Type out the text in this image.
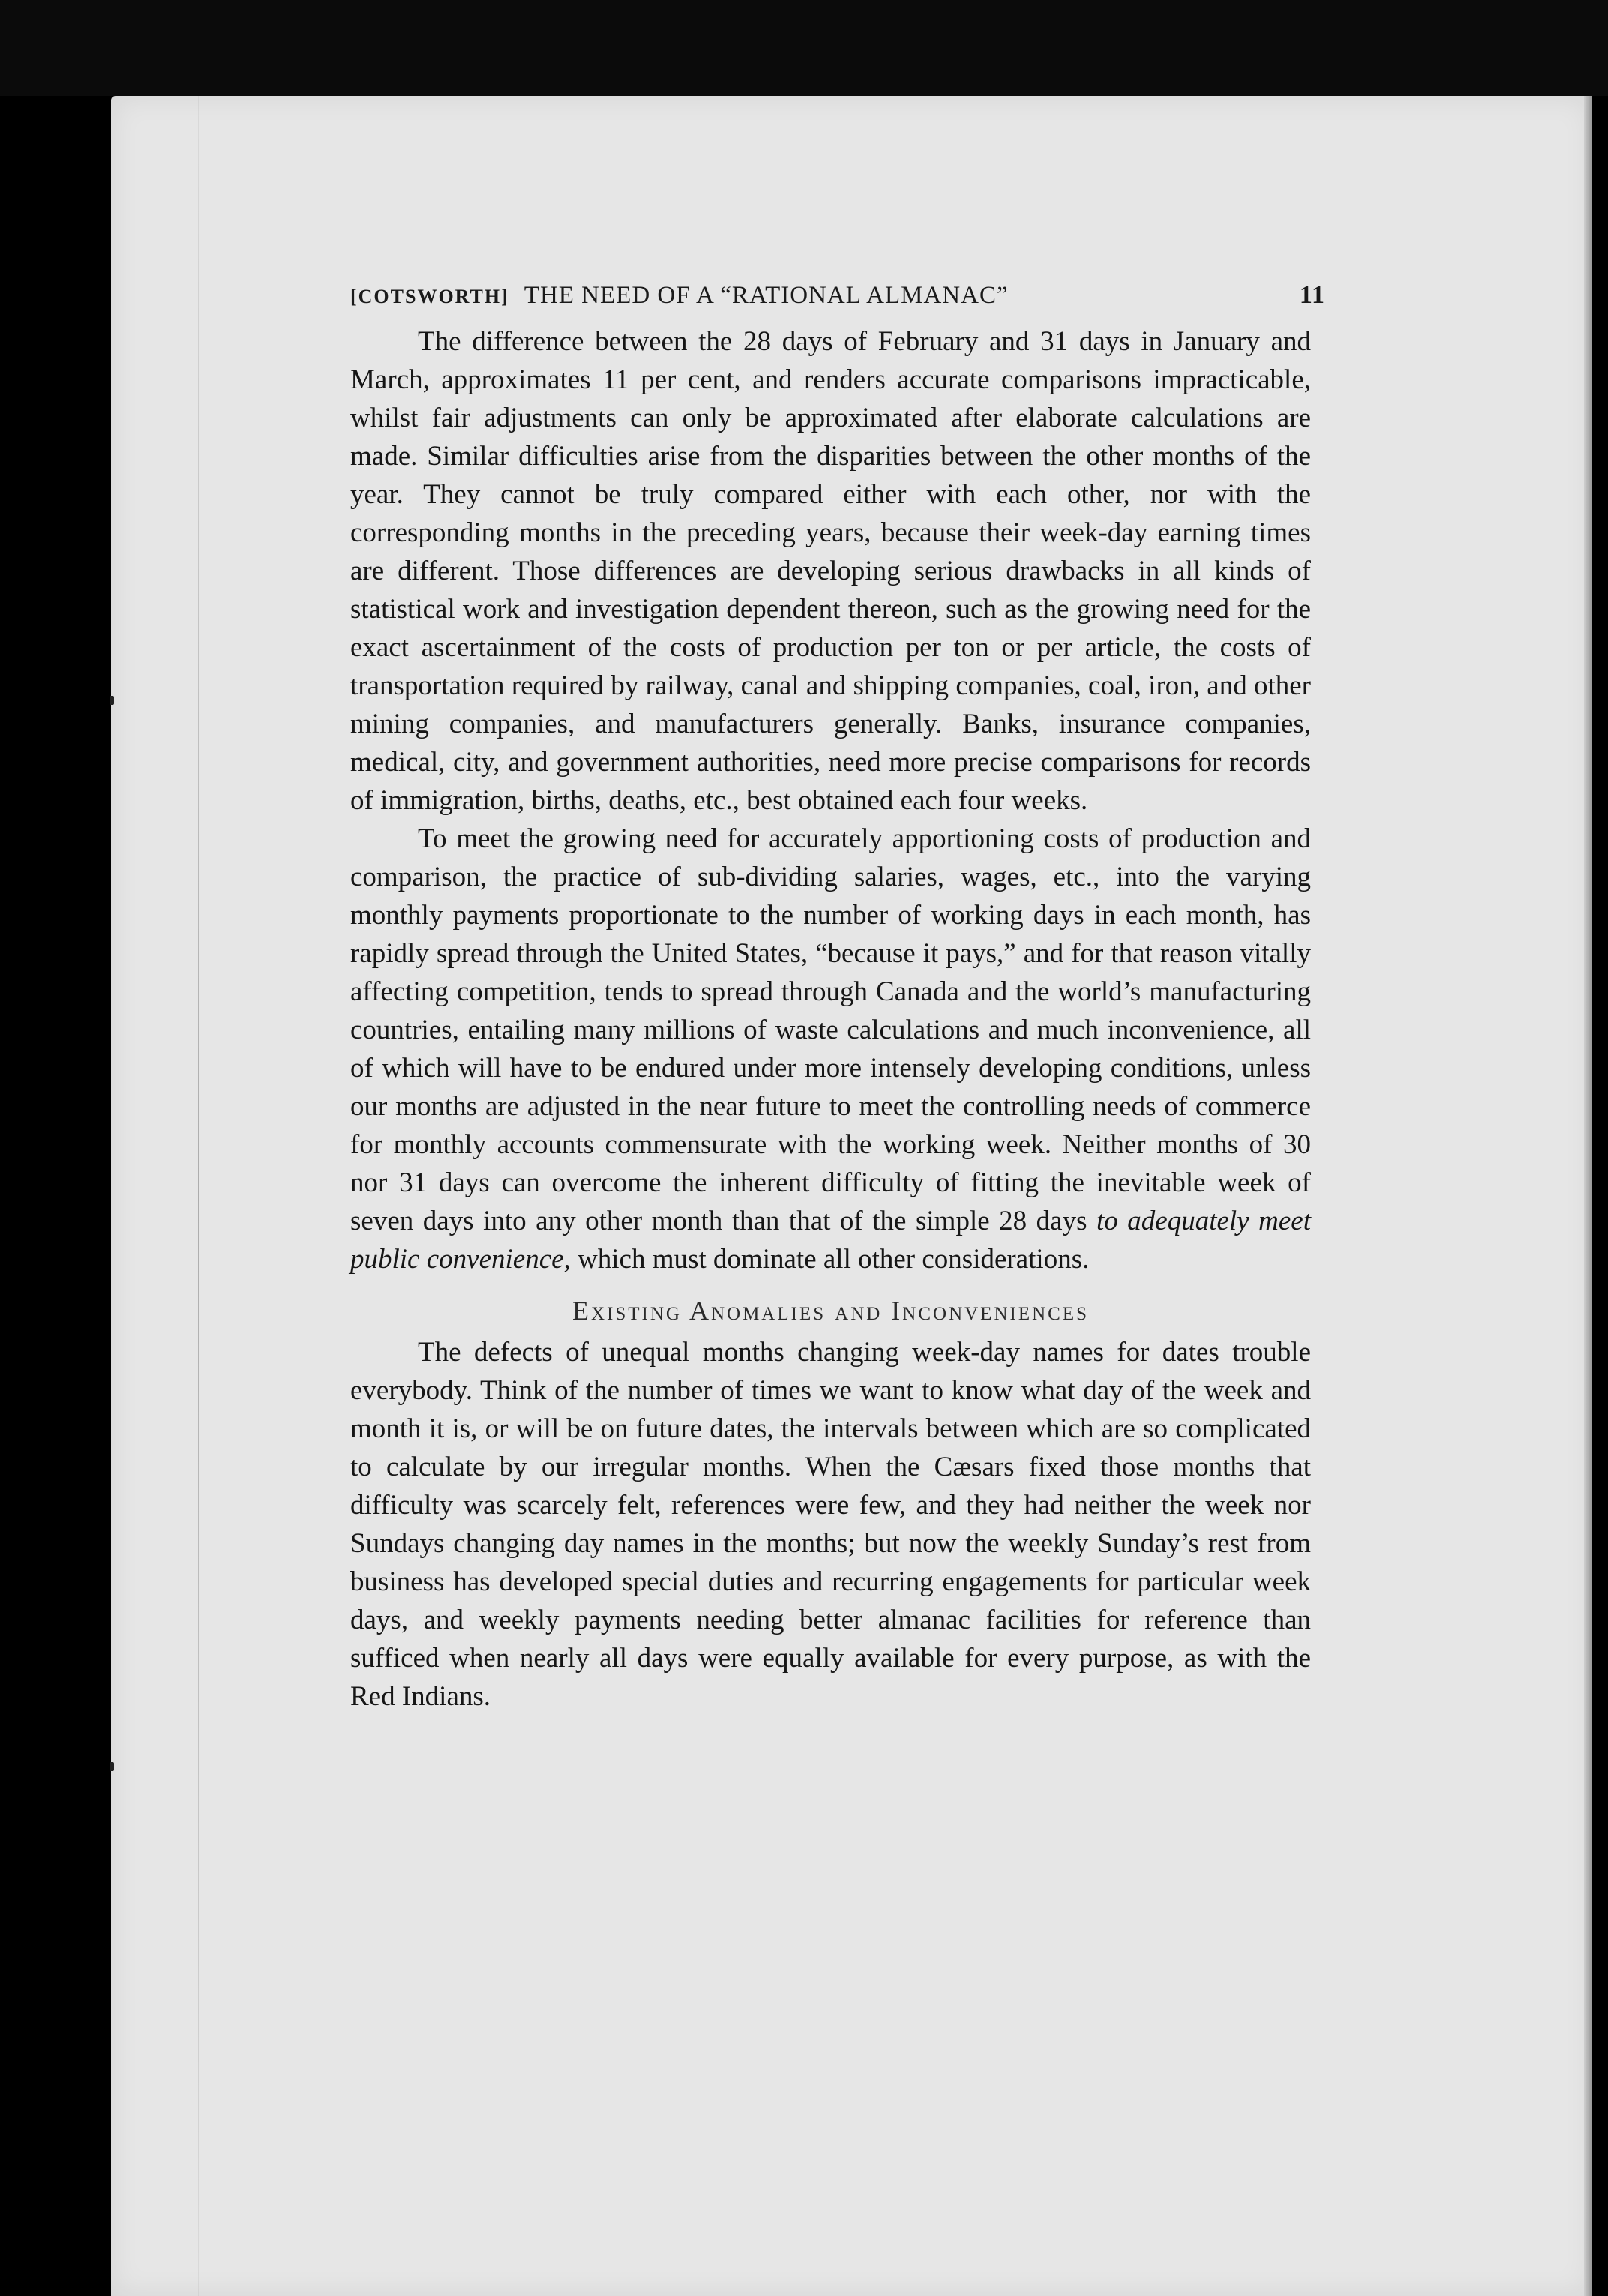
[COTSWORTH] THE NEED OF A “RATIONAL ALMANAC”	11

The difference between the 28 days of February and 31 days in January and March, approximates 11 per cent, and renders accurate comparisons impracticable, whilst fair adjustments can only be approximated after elaborate calculations are made. Similar difficulties arise from the disparities between the other months of the year. They cannot be truly compared either with each other, nor with the corresponding months in the preceding years, because their week-day earning times are different. Those differences are developing serious drawbacks in all kinds of statistical work and investigation dependent thereon, such as the growing need for the exact ascertainment of the costs of production per ton or per article, the costs of transportation required by railway, canal and shipping companies, coal, iron, and other mining companies, and manufacturers generally. Banks, insurance companies, medical, city, and government authorities, need more precise comparisons for records of immigration, births, deaths, etc., best obtained each four weeks.

To meet the growing need for accurately apportioning costs of production and comparison, the practice of sub-dividing salaries, wages, etc., into the varying monthly payments proportionate to the number of working days in each month, has rapidly spread through the United States, “because it pays,” and for that reason vitally affecting competition, tends to spread through Canada and the world’s manufacturing countries, entailing many millions of waste calculations and much inconvenience, all of which will have to be endured under more intensely developing conditions, unless our months are adjusted in the near future to meet the controlling needs of commerce for monthly accounts commensurate with the working week. Neither months of 30 nor 31 days can overcome the inherent difficulty of fitting the inevitable week of seven days into any other month than that of the simple 28 days to adequately meet public convenience, which must dominate all other considerations.

Existing Anomalies and Inconveniences

The defects of unequal months changing week-day names for dates trouble everybody. Think of the number of times we want to know what day of the week and month it is, or will be on future dates, the intervals between which are so complicated to calculate by our irregular months. When the Cæsars fixed those months that difficulty was scarcely felt, references were few, and they had neither the week nor Sundays changing day names in the months; but now the weekly Sunday’s rest from business has developed special duties and recurring engagements for particular week days, and weekly payments needing better almanac facilities for reference than sufficed when nearly all days were equally available for every purpose, as with the Red Indians.
